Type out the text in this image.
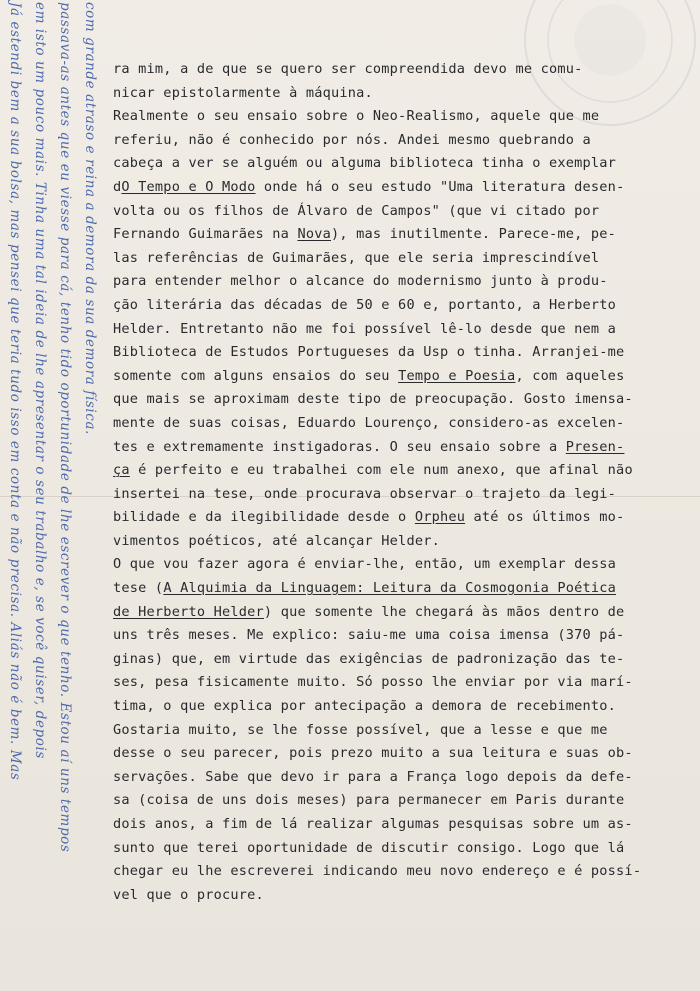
Já estendi bem a sua bolsa, mas pensei que teria tudo isso em conta e não precisa. Aliás não é bem. Mas em isto um pouco mais. Tinha uma tal ideia de lhe apresentar o seu trabalho e, se você quiser, depois passava-as antes que eu viesse para cá, tenho tido oportunidade de lhe escrever o que tenho. Estou aí uns tempos com grande atraso e reina a demora da sua demora física. ra mim, a de que se quero ser compreendida devo me comu-
nicar epistolarmente à máquina.
Realmente o seu ensaio sobre o Neo-Realismo, aquele que me
referiu, não é conhecido por nós. Andei mesmo quebrando a
cabeça a ver se alguém ou alguma biblioteca tinha o exemplar
dO Tempo e O Modo onde há o seu estudo "Uma literatura desen-
volta ou os filhos de Álvaro de Campos" (que vi citado por
Fernando Guimarães na Nova), mas inutilmente. Parece-me, pe-
las referências de Guimarães, que ele seria imprescindível
para entender melhor o alcance do modernismo junto à produ-
ção literária das décadas de 50 e 60 e, portanto, a Herberto
Helder. Entretanto não me foi possível lê-lo desde que nem a
Biblioteca de Estudos Portugueses da Usp o tinha. Arranjei-me
somente com alguns ensaios do seu Tempo e Poesia, com aqueles
que mais se aproximam deste tipo de preocupação. Gosto imensa-
mente de suas coisas, Eduardo Lourenço, considero-as excelen-
tes e extremamente instigadoras. O seu ensaio sobre a Presen-
ça é perfeito e eu trabalhei com ele num anexo, que afinal não
insertei na tese, onde procurava observar o trajeto da legi-
bilidade e da ilegibilidade desde o Orpheu até os últimos mo-
vimentos poéticos, até alcançar Helder.
O que vou fazer agora é enviar-lhe, então, um exemplar dessa
tese (A Alquimia da Linguagem: Leitura da Cosmogonia Poética
de Herberto Helder) que somente lhe chegará às mãos dentro de
uns três meses. Me explico: saiu-me uma coisa imensa (370 pá-
ginas) que, em virtude das exigências de padronização das te-
ses, pesa fisicamente muito. Só posso lhe enviar por via marí-
tima, o que explica por antecipação a demora de recebimento.
Gostaria muito, se lhe fosse possível, que a lesse e que me
desse o seu parecer, pois prezo muito a sua leitura e suas ob-
servações. Sabe que devo ir para a França logo depois da defe-
sa (coisa de uns dois meses) para permanecer em Paris durante
dois anos, a fim de lá realizar algumas pesquisas sobre um as-
sunto que terei oportunidade de discutir consigo. Logo que lá
chegar eu lhe escreverei indicando meu novo endereço e é possí-
vel que o procure.
